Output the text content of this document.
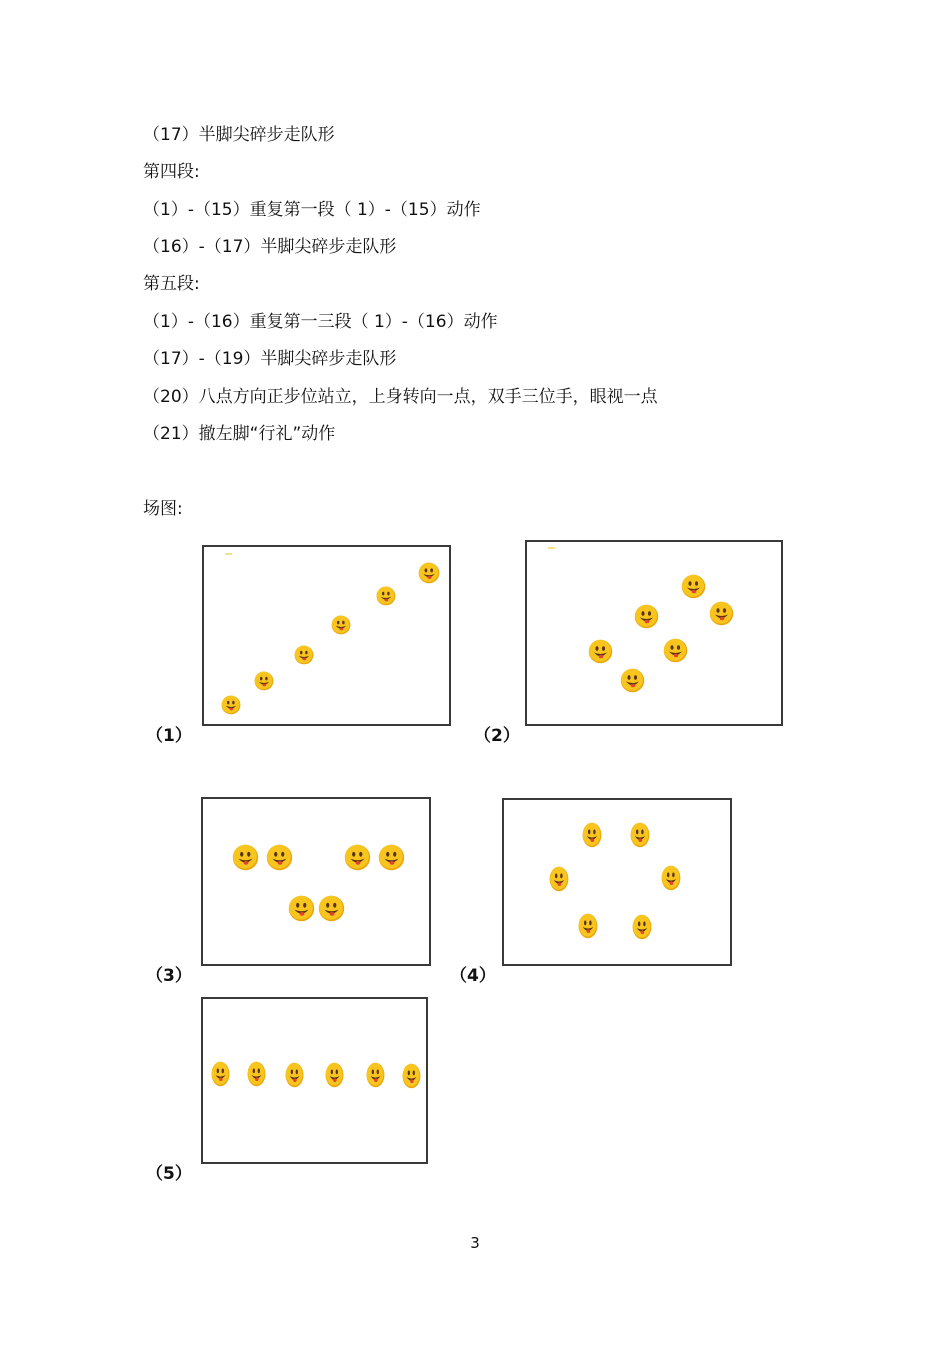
（17）半脚尖碎步走队形
第四段:
（1）-（15）重复第一段（ 1）-（15）动作
（16）-（17）半脚尖碎步走队形
第五段:
（1）-（16）重复第一三段（ 1）-（16）动作
（17）-（19）半脚尖碎步走队形
（20）八点方向正步位站立，上身转向一点，双手三位手，眼视一点
（21）撤左脚“行礼”动作
场图:
（1）	（2）
（3）	（4）
（5）
3
